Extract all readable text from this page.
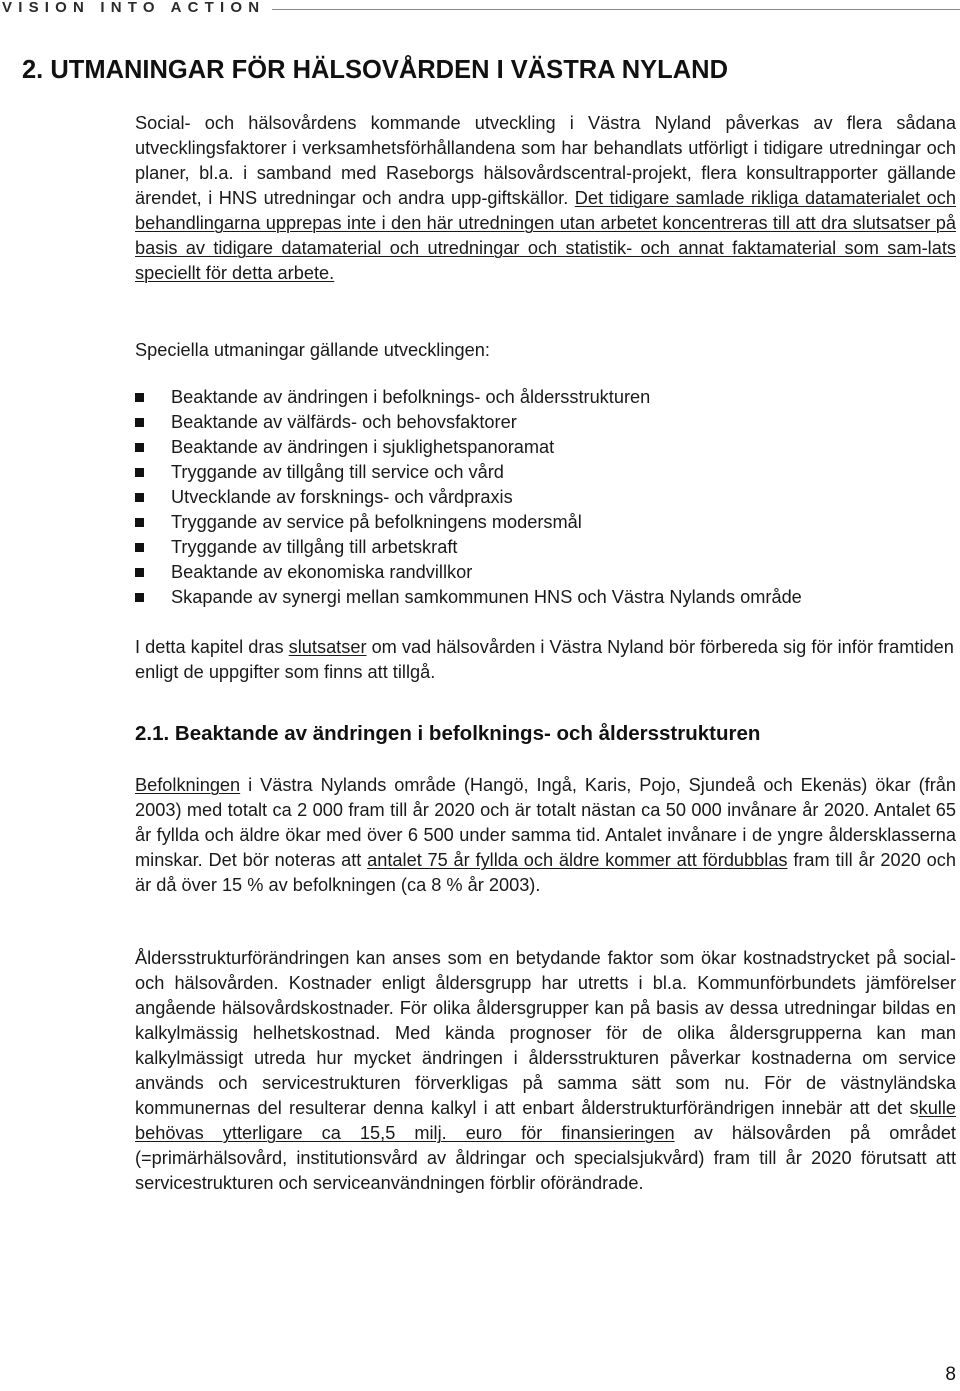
VISION INTO ACTION
2. UTMANINGAR FÖR HÄLSOVÅRDEN I VÄSTRA NYLAND
Social- och hälsovårdens kommande utveckling i Västra Nyland påverkas av flera sådana utvecklingsfaktorer i verksamhetsförhållandena som har behandlats utförligt i tidigare utredningar och planer, bl.a. i samband med Raseborgs hälsovårdscentral-projekt, flera konsultrapporter gällande ärendet, i HNS utredningar och andra upp-giftskällor. Det tidigare samlade rikliga datamaterialet och behandlingarna upprepas inte i den här utredningen utan arbetet koncentreras till att dra slutsatser på basis av tidigare datamaterial och utredningar och statistik- och annat faktamaterial som sam-lats speciellt för detta arbete.
Speciella utmaningar gällande utvecklingen:
Beaktande av ändringen i befolknings- och åldersstrukturen
Beaktande av välfärds- och behovsfaktorer
Beaktande av ändringen i sjuklighetspanoramat
Tryggande av tillgång till service och vård
Utvecklande av forsknings- och vårdpraxis
Tryggande av service på befolkningens modersmål
Tryggande av tillgång till arbetskraft
Beaktande av ekonomiska randvillkor
Skapande av synergi mellan samkommunen HNS och Västra Nylands område
I detta kapitel dras slutsatser om vad hälsovården i Västra Nyland bör förbereda sig för inför framtiden enligt de uppgifter som finns att tillgå.
2.1. Beaktande av ändringen i befolknings- och åldersstrukturen
Befolkningen i Västra Nylands område (Hangö, Ingå, Karis, Pojo, Sjundeå och Ekenäs) ökar (från 2003) med totalt ca 2 000 fram till år 2020 och är totalt nästan ca 50 000 invånare år 2020. Antalet 65 år fyllda och äldre ökar med över 6 500 under samma tid. Antalet invånare i de yngre åldersklasserna minskar. Det bör noteras att antalet 75 år fyllda och äldre kommer att fördubblas fram till år 2020 och är då över 15 % av befolkningen (ca 8 % år 2003).
Åldersstrukturförändringen kan anses som en betydande faktor som ökar kostnadstrycket på social- och hälsovården. Kostnader enligt åldersgrupp har utretts i bl.a. Kommunförbundets jämförelser angående hälsovårdskostnader. För olika åldersgrupper kan på basis av dessa utredningar bildas en kalkylmässig helhetskostnad. Med kända prognoser för de olika åldersgrupperna kan man kalkylmässigt utreda hur mycket ändringen i åldersstrukturen påverkar kostnaderna om service används och servicestrukturen förverkligas på samma sätt som nu. För de västnyländska kommunernas del resulterar denna kalkyl i att enbart ålderstrukturförändrigen innebär att det skulle behövas ytterligare ca 15,5 milj. euro för finansieringen av hälsovården på området (=primärhälsovård, institutionsvård av åldringar och specialsjukvård) fram till år 2020 förutsatt att servicestrukturen och serviceanvändningen förblir oförändrade.
8
